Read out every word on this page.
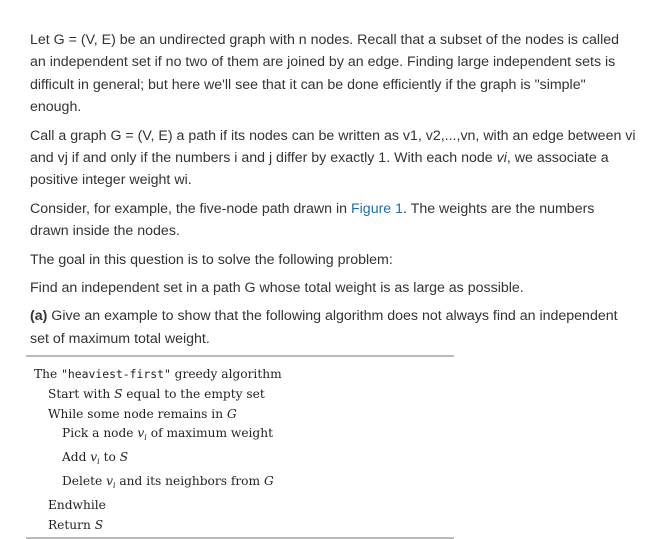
Let G = (V, E) be an undirected graph with n nodes. Recall that a subset of the nodes is called an independent set if no two of them are joined by an edge. Finding large independent sets is difficult in general; but here we'll see that it can be done efficiently if the graph is "simple" enough.

Call a graph G = (V, E) a path if its nodes can be written as v1, v2,...,vn, with an edge between vi and vj if and only if the numbers i and j differ by exactly 1. With each node vi, we associate a positive integer weight wi.

Consider, for example, the five-node path drawn in Figure 1. The weights are the numbers drawn inside the nodes.

The goal in this question is to solve the following problem:

Find an independent set in a path G whose total weight is as large as possible.

(a) Give an example to show that the following algorithm does not always find an independent set of maximum total weight.

The "heaviest-first" greedy algorithm
Start with S equal to the empty set
While some node remains in G
Pick a node $v_i$ of maximum weight
Add $v_i$ to S
Delete $v_i$ and its neighbors from G
Endwhile
Return S
